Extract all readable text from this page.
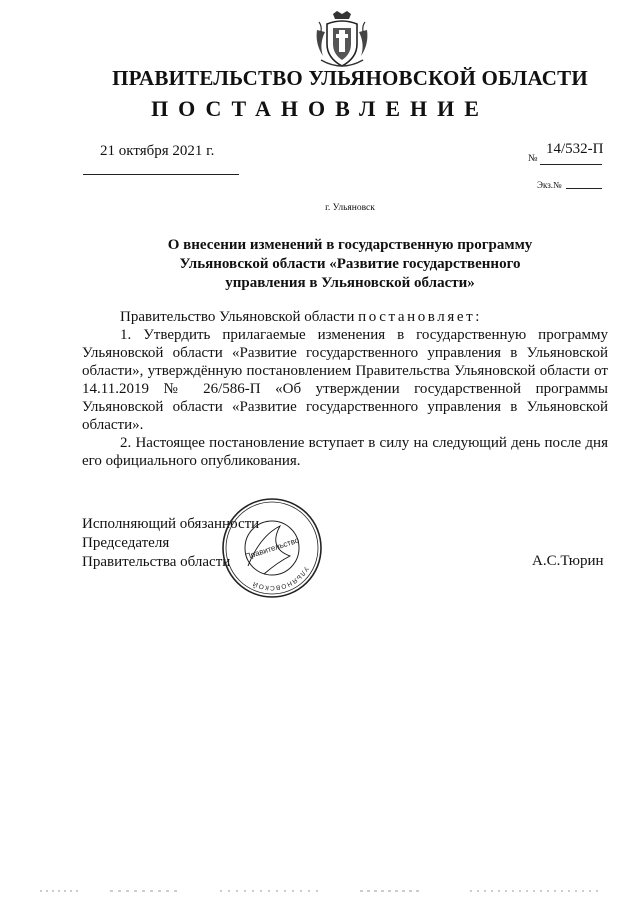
ПРАВИТЕЛЬСТВО УЛЬЯНОВСКОЙ ОБЛАСТИ
ПОСТАНОВЛЕНИЕ
21 октября 2021 г.	№
14/532-П
Экз.№
г. Ульяновск
О внесении изменений в государственную программу
Ульяновской области «Развитие государственного
управления в Ульяновской области»

Правительство Ульяновской области постановляет:

1. Утвердить прилагаемые изменения в государственную программу Ульяновской области «Развитие государственного управления в Ульяновской области», утверждённую постановлением Правительства Ульяновской области от 14.11.2019 № 26/586-П «Об утверждении государственной программы Ульяновской области «Развитие государственного управления в Ульяновской области».

2. Настоящее постановление вступает в силу на следующий день после дня его официального опубликования.

Исполняющий обязанности
Председателя
Правительства области	УЛЬЯНОВСКОЙ
Правительство	А.С.Тюрин
